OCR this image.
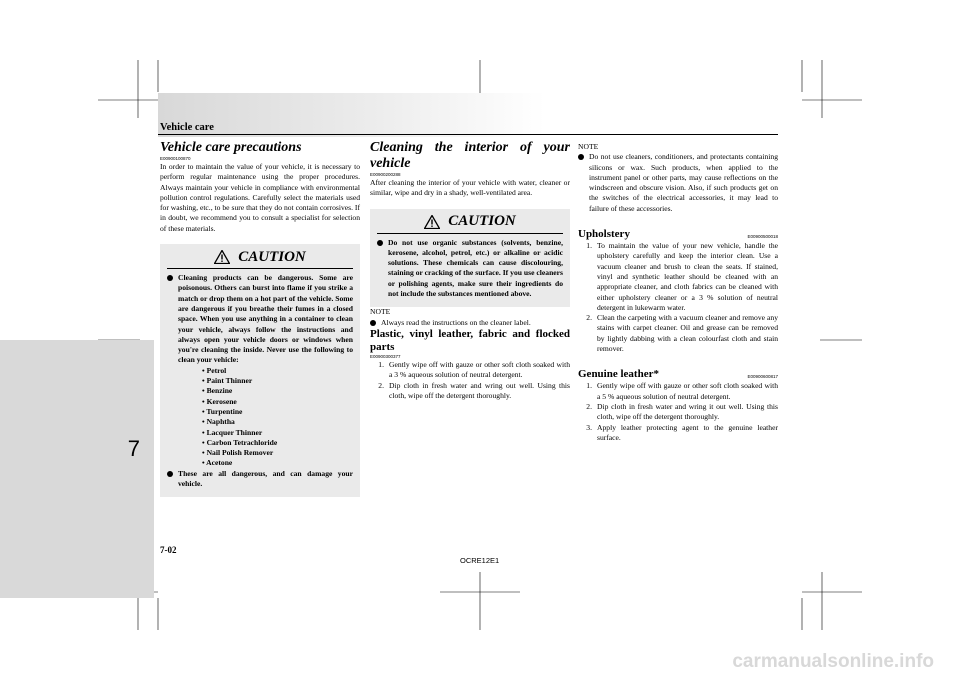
Vehicle care
7

Vehicle care precautions

E00900100870

In order to maintain the value of your vehicle, it is necessary to perform regular maintenance using the proper procedures. Always maintain your vehicle in compliance with environmental pollution control regulations. Carefully select the materials used for washing, etc., to be sure that they do not contain corrosives. If in doubt, we recommend you to consult a specialist for selection of these materials.

CAUTION
Cleaning products can be dangerous. Some are poisonous. Others can burst into flame if you strike a match or drop them on a hot part of the vehicle. Some are dangerous if you breathe their fumes in a closed space. When you use anything in a container to clean your vehicle, always follow the instructions and always open your vehicle doors or windows when you're cleaning the inside. Never use the following to clean your vehicle:
• Petrol
• Paint Thinner
• Benzine
• Kerosene
• Turpentine
• Naphtha
• Lacquer Thinner
• Carbon Tetrachloride
• Nail Polish Remover
• Acetone
These are all dangerous, and can damage your vehicle.

Cleaning the interior of your vehicle

E00900200288

After cleaning the interior of your vehicle with water, cleaner or similar, wipe and dry in a shady, well-ventilated area.

CAUTION
Do not use organic substances (solvents, benzine, kerosene, alcohol, petrol, etc.) or alkaline or acidic solutions. These chemicals can cause discolouring, staining or cracking of the surface. If you use cleaners or polishing agents, make sure their ingredients do not include the substances mentioned above.

NOTE

Always read the instructions on the cleaner label.

Plastic, vinyl leather, fabric and flocked parts

E00900300377

1. Gently wipe off with gauze or other soft cloth soaked with a 3 % aqueous solution of neutral detergent.
2. Dip cloth in fresh water and wring out well. Using this cloth, wipe off the detergent thoroughly.

NOTE

Do not use cleaners, conditioners, and protectants containing silicons or wax. Such products, when applied to the instrument panel or other parts, may cause reflections on the windscreen and obscure vision. Also, if such products get on the switches of the electrical accessories, it may lead to failure of these accessories.
Upholstery	E00900500018
1. To maintain the value of your new vehicle, handle the upholstery carefully and keep the interior clean. Use a vacuum cleaner and brush to clean the seats. If stained, vinyl and synthetic leather should be cleaned with an appropriate cleaner, and cloth fabrics can be cleaned with either upholstery cleaner or a 3 % solution of neutral detergent in lukewarm water.
2. Clean the carpeting with a vacuum cleaner and remove any stains with carpet cleaner. Oil and grease can be removed by lightly dabbing with a clean colourfast cloth and stain remover.
Genuine leather*	E00900600817
1. Gently wipe off with gauze or other soft cloth soaked with a 5 % aqueous solution of neutral detergent.
2. Dip cloth in fresh water and wring it out well. Using this cloth, wipe off the detergent thoroughly.
3. Apply leather protecting agent to the genuine leather surface.
7-02
OCRE12E1
carmanualsonline.info
